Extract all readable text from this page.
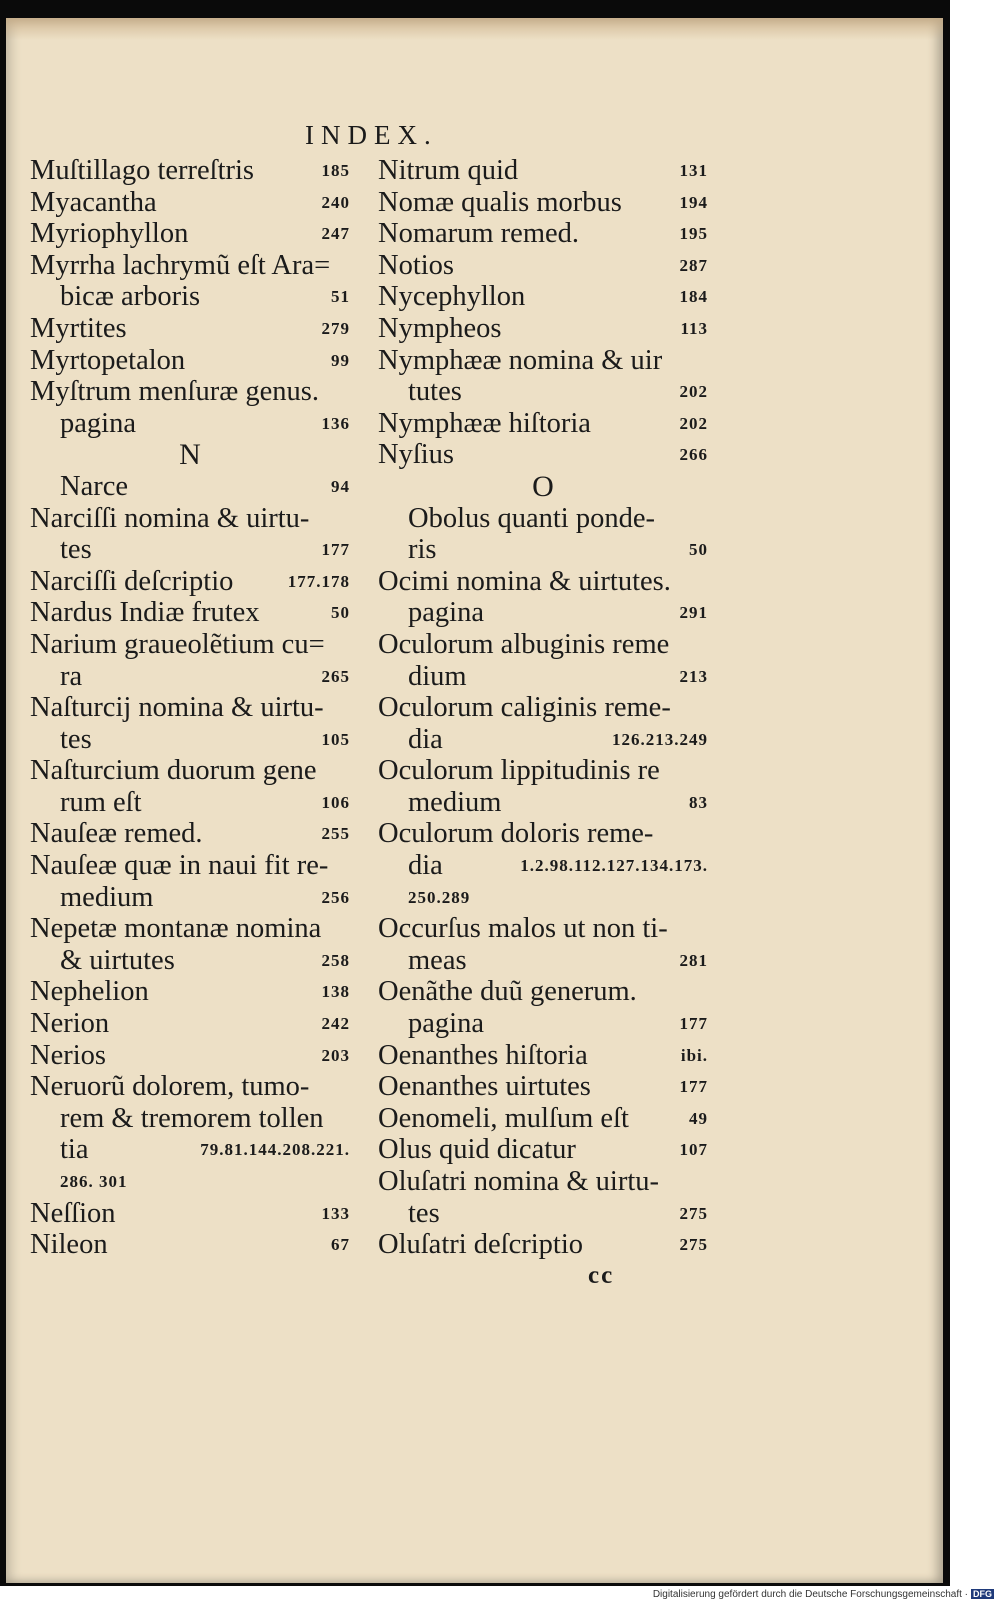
INDEX.
Muſtillago terreſtris	185
Myacantha	240
Myriophyllon	247
Myrrha lachrymũ eſt Ara=
bicæ arboris	51
Myrtites	279
Myrtopetalon	99
Myſtrum menſuræ genus.
pagina	136
N
Narce	94
Narciſſi nomina & uirtu-
tes	177
Narciſſi deſcriptio	177.178
Nardus Indiæ frutex	50
Narium graueolẽtium cu=
ra	265
Naſturcij nomina & uirtu-
tes	105
Naſturcium duorum gene
rum eſt	106
Nauſeæ remed.	255
Nauſeæ quæ in naui fit re-
medium	256
Nepetæ montanæ nomina
& uirtutes	258
Nephelion	138
Nerion	242
Nerios	203
Neruorũ dolorem, tumo-
rem & tremorem tollen
tia	79.81.144.208.221.
286. 301
Neſſion	133
Nileon	67
Nitrum quid	131
Nomæ qualis morbus	194
Nomarum remed.	195
Notios	287
Nycephyllon	184
Nympheos	113
Nymphææ nomina & uir
tutes	202
Nymphææ hiſtoria	202
Nyſius	266
O
Obolus quanti ponde-
ris	50
Ocimi nomina & uirtutes.
pagina	291
Oculorum albuginis reme
dium	213
Oculorum caliginis reme-
dia	126.213.249
Oculorum lippitudinis re
medium	83
Oculorum doloris reme-
dia	1.2.98.112.127.134.173.
250.289
Occurſus malos ut non ti-
meas	281
Oenãthe duũ generum.
pagina	177
Oenanthes hiſtoria	ibi.
Oenanthes uirtutes	177
Oenomeli, mulſum eſt	49
Olus quid dicatur	107
Oluſatri nomina & uirtu-
tes	275
Oluſatri deſcriptio	275
cc
Digitalisierung gefördert durch die Deutsche Forschungsgemeinschaft · DFG
